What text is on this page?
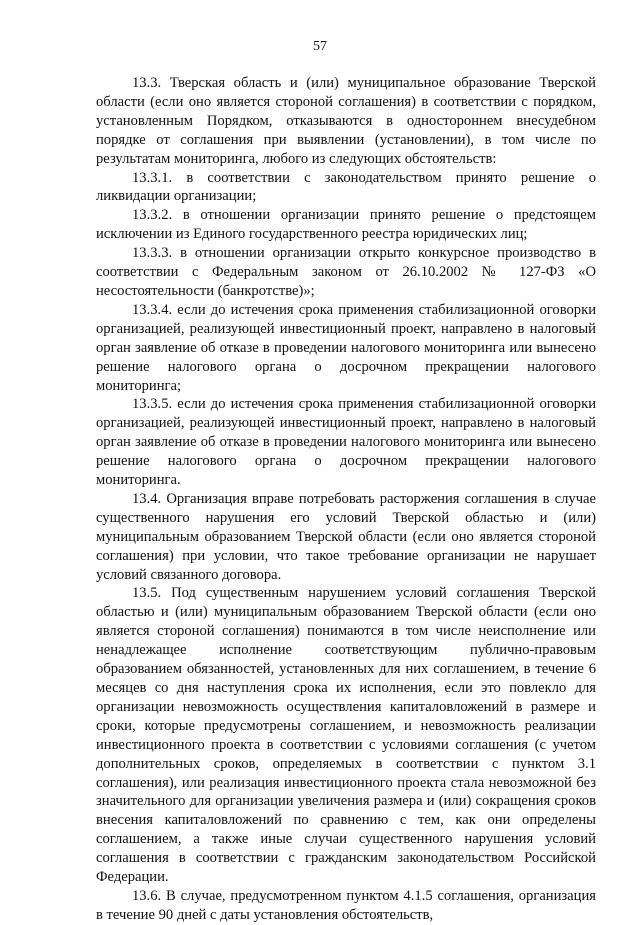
57

13.3. Тверская область и (или) муниципальное образование Тверской области (если оно является стороной соглашения) в соответствии с порядком, установленным Порядком, отказываются в одностороннем внесудебном порядке от соглашения при выявлении (установлении), в том числе по результатам мониторинга, любого из следующих обстоятельств:

13.3.1. в соответствии с законодательством принято решение о ликвидации организации;

13.3.2. в отношении организации принято решение о предстоящем исключении из Единого государственного реестра юридических лиц;

13.3.3. в отношении организации открыто конкурсное производство в соответствии с Федеральным законом от 26.10.2002 № 127-ФЗ «О несостоятельности (банкротстве)»;

13.3.4. если до истечения срока применения стабилизационной оговорки организацией, реализующей инвестиционный проект, направлено в налоговый орган заявление об отказе в проведении налогового мониторинга или вынесено решение налогового органа о досрочном прекращении налогового мониторинга;

13.3.5. если до истечения срока применения стабилизационной оговорки организацией, реализующей инвестиционный проект, направлено в налоговый орган заявление об отказе в проведении налогового мониторинга или вынесено решение налогового органа о досрочном прекращении налогового мониторинга.

13.4. Организация вправе потребовать расторжения соглашения в случае существенного нарушения его условий Тверской областью и (или) муниципальным образованием Тверской области (если оно является стороной соглашения) при условии, что такое требование организации не нарушает условий связанного договора.

13.5. Под существенным нарушением условий соглашения Тверской областью и (или) муниципальным образованием Тверской области (если оно является стороной соглашения) понимаются в том числе неисполнение или ненадлежащее исполнение соответствующим публично-правовым образованием обязанностей, установленных для них соглашением, в течение 6 месяцев со дня наступления срока их исполнения, если это повлекло для организации невозможность осуществления капиталовложений в размере и сроки, которые предусмотрены соглашением, и невозможность реализации инвестиционного проекта в соответствии с условиями соглашения (с учетом дополнительных сроков, определяемых в соответствии с пунктом 3.1 соглашения), или реализация инвестиционного проекта стала невозможной без значительного для организации увеличения размера и (или) сокращения сроков внесения капиталовложений по сравнению с тем, как они определены соглашением, а также иные случаи существенного нарушения условий соглашения в соответствии с гражданским законодательством Российской Федерации.

13.6. В случае, предусмотренном пунктом 4.1.5 соглашения, организация в течение 90 дней с даты установления обстоятельств,
